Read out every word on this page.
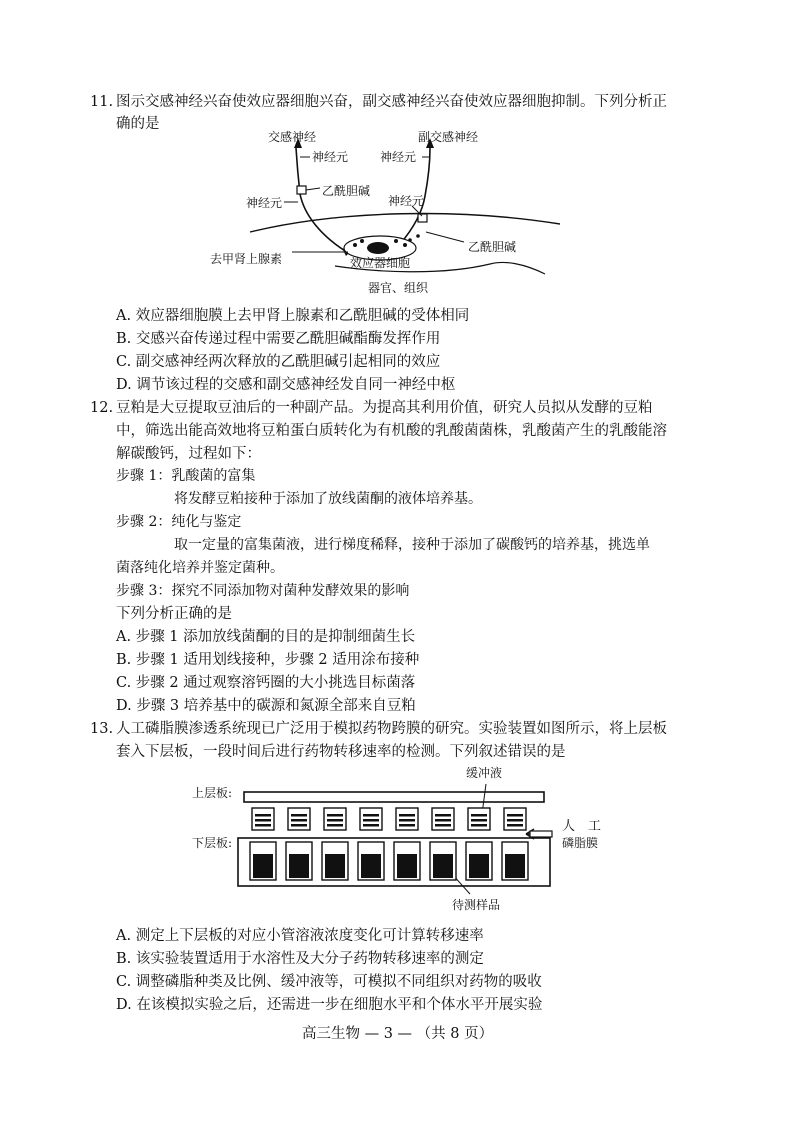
11. 图示交感神经兴奋使效应器细胞兴奋，副交感神经兴奋使效应器细胞抑制。下列分析正
确的是
交感神经	副交感神经
神经元	神经元
乙酰胆碱
神经元	神经元
乙酰胆碱
去甲肾上腺素	效应器细胞
器官、组织
A. 效应器细胞膜上去甲肾上腺素和乙酰胆碱的受体相同
B. 交感兴奋传递过程中需要乙酰胆碱酯酶发挥作用
C. 副交感神经两次释放的乙酰胆碱引起相同的效应
D. 调节该过程的交感和副交感神经发自同一神经中枢
12. 豆粕是大豆提取豆油后的一种副产品。为提高其利用价值，研究人员拟从发酵的豆粕
中，筛选出能高效地将豆粕蛋白质转化为有机酸的乳酸菌菌株，乳酸菌产生的乳酸能溶
解碳酸钙，过程如下：
步骤 1：乳酸菌的富集
将发酵豆粕接种于添加了放线菌酮的液体培养基。
步骤 2：纯化与鉴定
取一定量的富集菌液，进行梯度稀释，接种于添加了碳酸钙的培养基，挑选单
菌落纯化培养并鉴定菌种。
步骤 3：探究不同添加物对菌种发酵效果的影响
下列分析正确的是
A. 步骤 1 添加放线菌酮的目的是抑制细菌生长
B. 步骤 1 适用划线接种，步骤 2 适用涂布接种
C. 步骤 2 通过观察溶钙圈的大小挑选目标菌落
D. 步骤 3 培养基中的碳源和氮源全部来自豆粕
13. 人工磷脂膜渗透系统现已广泛用于模拟药物跨膜的研究。实验装置如图所示，将上层板
套入下层板，一段时间后进行药物转移速率的检测。下列叙述错误的是
缓冲液
上层板:
下层板:
人　工
磷脂膜
待测样品
A. 测定上下层板的对应小管溶液浓度变化可计算转移速率
B. 该实验装置适用于水溶性及大分子药物转移速率的测定
C. 调整磷脂种类及比例、缓冲液等，可模拟不同组织对药物的吸收
D. 在该模拟实验之后，还需进一步在细胞水平和个体水平开展实验
高三生物 — 3 — （共 8 页）
